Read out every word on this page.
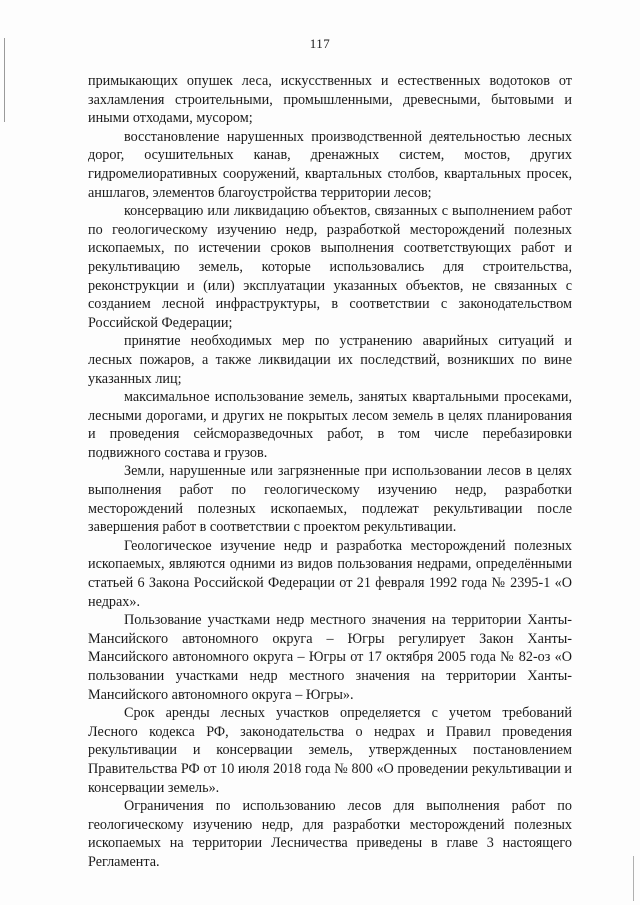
117

примыкающих опушек леса, искусственных и естественных водотоков от захламления строительными, промышленными, древесными, бытовыми и иными отходами, мусором;

восстановление нарушенных производственной деятельностью лесных дорог, осушительных канав, дренажных систем, мостов, других гидромелиоративных сооружений, квартальных столбов, квартальных просек, аншлагов, элементов благоустройства территории лесов;

консервацию или ликвидацию объектов, связанных с выполнением работ по геологическому изучению недр, разработкой месторождений полезных ископаемых, по истечении сроков выполнения соответствующих работ и рекультивацию земель, которые использовались для строительства, реконструкции и (или) эксплуатации указанных объектов, не связанных с созданием лесной инфраструктуры, в соответствии с законодательством Российской Федерации;

принятие необходимых мер по устранению аварийных ситуаций и лесных пожаров, а также ликвидации их последствий, возникших по вине указанных лиц;

максимальное использование земель, занятых квартальными просеками, лесными дорогами, и других не покрытых лесом земель в целях планирования и проведения сейсморазведочных работ, в том числе перебазировки подвижного состава и грузов.

Земли, нарушенные или загрязненные при использовании лесов в целях выполнения работ по геологическому изучению недр, разработки месторождений полезных ископаемых, подлежат рекультивации после завершения работ в соответствии с проектом рекультивации.

Геологическое изучение недр и разработка месторождений полезных ископаемых, являются одними из видов пользования недрами, определёнными статьей 6 Закона Российской Федерации от 21 февраля 1992 года № 2395-1 «О недрах».

Пользование участками недр местного значения на территории Ханты-Мансийского автономного округа – Югры регулирует Закон Ханты-Мансийского автономного округа – Югры от 17 октября 2005 года № 82-оз «О пользовании участками недр местного значения на территории Ханты-Мансийского автономного округа – Югры».

Срок аренды лесных участков определяется с учетом требований Лесного кодекса РФ, законодательства о недрах и Правил проведения рекультивации и консервации земель, утвержденных постановлением Правительства РФ от 10 июля 2018 года № 800 «О проведении рекультивации и консервации земель».

Ограничения по использованию лесов для выполнения работ по геологическому изучению недр, для разработки месторождений полезных ископаемых на территории Лесничества приведены в главе 3 настоящего Регламента.
